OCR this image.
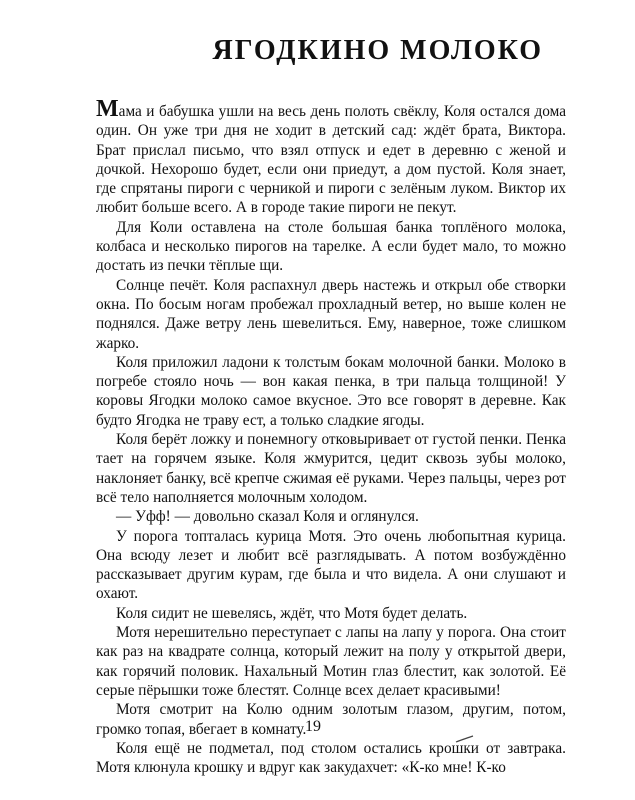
ЯГОДКИНО МОЛОКО

Мама и бабушка ушли на весь день полоть свёклу, Коля остался дома один. Он уже три дня не ходит в детский сад: ждёт брата, Виктора. Брат прислал письмо, что взял отпуск и едет в деревню с женой и дочкой. Нехорошо будет, если они приедут, а дом пустой. Коля знает, где спрятаны пироги с черникой и пироги с зелёным луком. Виктор их любит больше всего. А в городе такие пироги не пекут.

Для Коли оставлена на столе большая банка топлёного молока, колбаса и несколько пирогов на тарелке. А если будет мало, то можно достать из печки тёплые щи.

Солнце печёт. Коля распахнул дверь настежь и открыл обе створки окна. По босым ногам пробежал прохладный ветер, но выше колен не поднялся. Даже ветру лень шевелиться. Ему, наверное, тоже слишком жарко.

Коля приложил ладони к толстым бокам молочной банки. Молоко в погребе стояло ночь — вон какая пенка, в три пальца толщиной! У коровы Ягодки молоко самое вкусное. Это все говорят в деревне. Как будто Ягодка не траву ест, а только сладкие ягоды.

Коля берёт ложку и понемногу отковыривает от густой пенки. Пенка тает на горячем языке. Коля жмурится, цедит сквозь зубы молоко, наклоняет банку, всё крепче сжимая её руками. Через пальцы, через рот всё тело наполняется молочным холодом.

— Уфф! — довольно сказал Коля и оглянулся.

У порога топталась курица Мотя. Это очень любопытная курица. Она всюду лезет и любит всё разглядывать. А потом возбуждённо рассказывает другим курам, где была и что видела. А они слушают и охают.

Коля сидит не шевелясь, ждёт, что Мотя будет делать.

Мотя нерешительно переступает с лапы на лапу у порога. Она стоит как раз на квадрате солнца, который лежит на полу у открытой двери, как горячий половик. Нахальный Мотин глаз блестит, как золотой. Её серые пёрышки тоже блестят. Солнце всех делает красивыми!

Мотя смотрит на Колю одним золотым глазом, другим, потом, громко топая, вбегает в комнату.

Коля ещё не подметал, под столом остались крошки от завтрака. Мотя клюнула крошку и вдруг как закудахчет: «К-ко мне! К-ко

19
